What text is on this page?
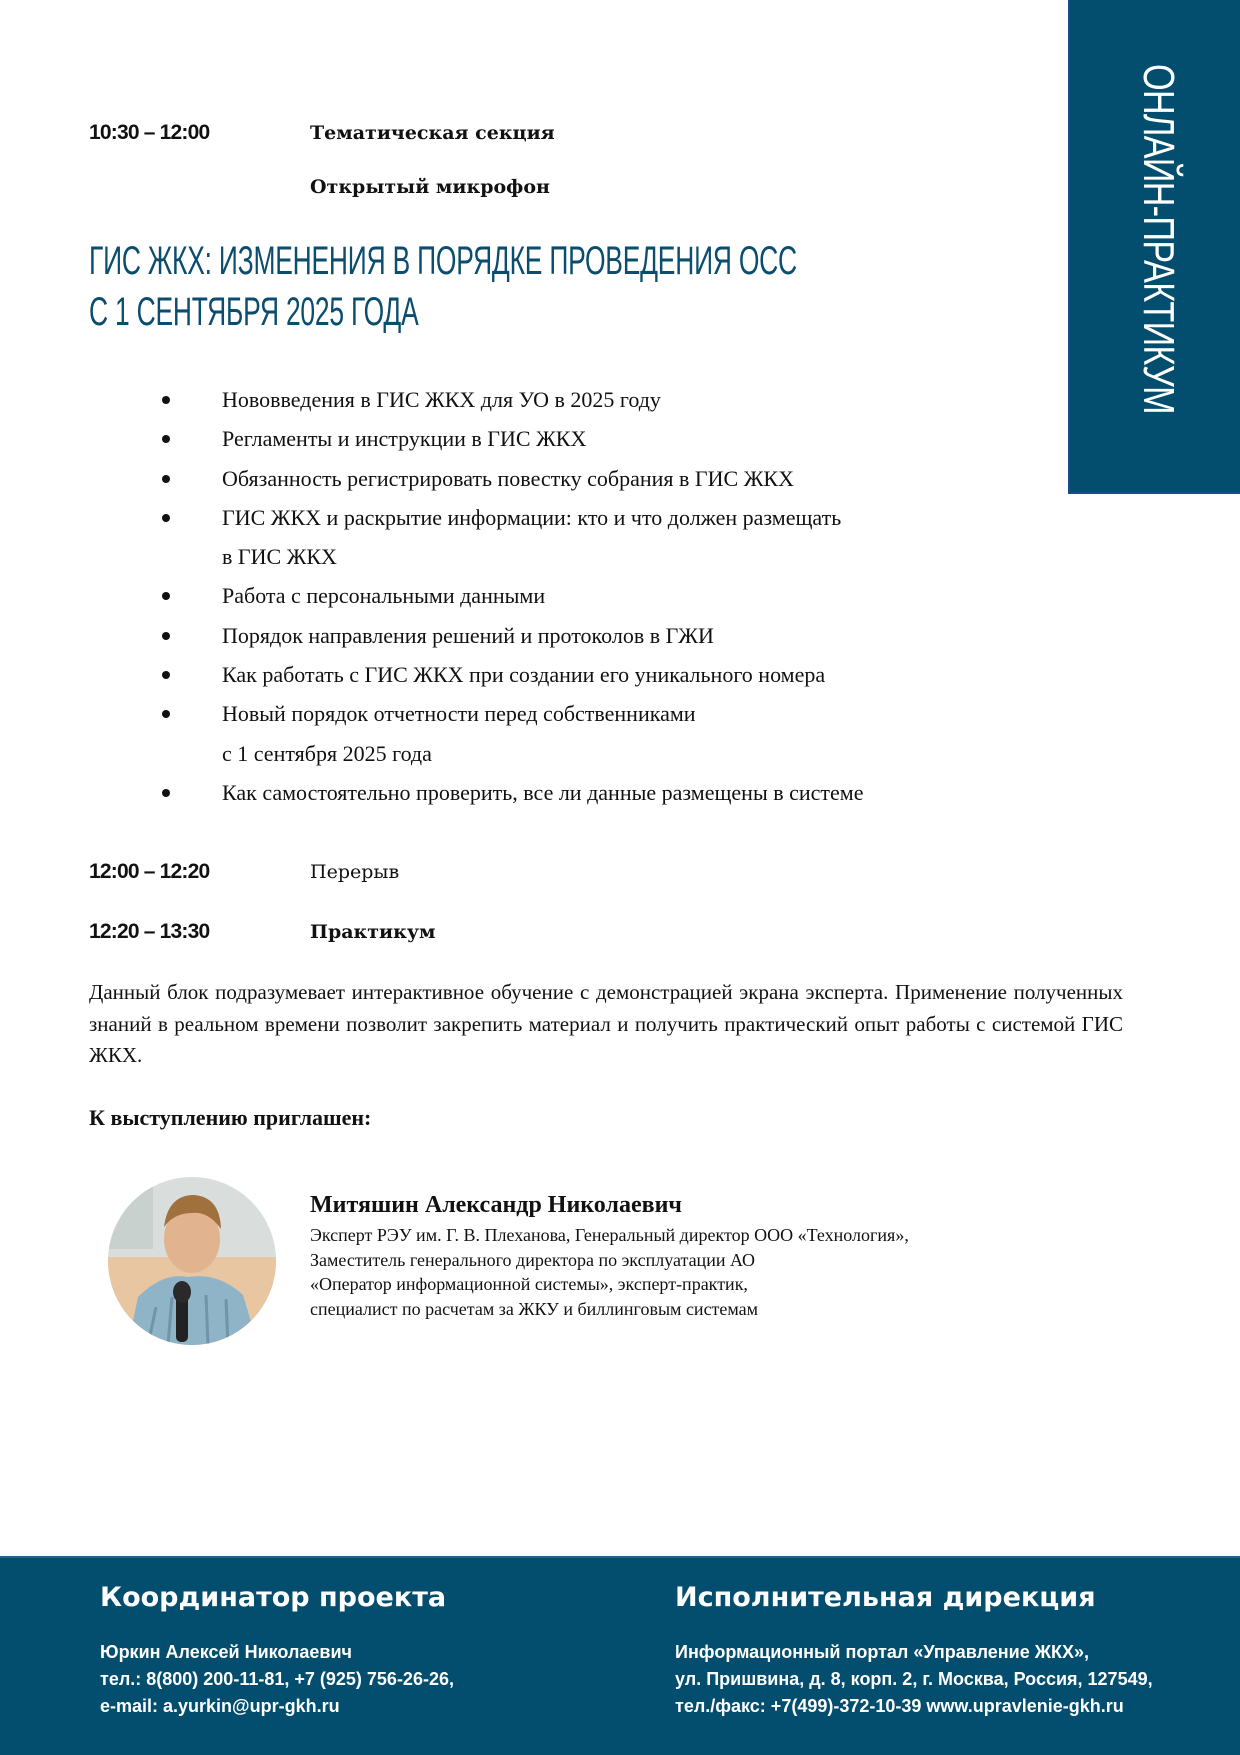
ОНЛАЙН-ПРАКТИКУМ
10:30 – 12:00	Тематическая секция
Открытый микрофон
ГИС ЖКХ: ИЗМЕНЕНИЯ В ПОРЯДКЕ ПРОВЕДЕНИЯ ОСС
С 1 СЕНТЯБРЯ 2025 ГОДА
Нововведения в ГИС ЖКХ для УО в 2025 году
Регламенты и инструкции в ГИС ЖКХ
Обязанность регистрировать повестку собрания в ГИС ЖКХ
ГИС ЖКХ и раскрытие информации: кто и что должен размещать
в ГИС ЖКХ
Работа с персональными данными
Порядок направления решений и протоколов в ГЖИ
Как работать с ГИС ЖКХ при создании его уникального номера
Новый порядок отчетности перед собственниками
с 1 сентября 2025 года
Как самостоятельно проверить, все ли данные размещены в системе
12:00 – 12:20	Перерыв
12:20 – 13:30	Практикум
Данный блок подразумевает интерактивное обучение с демонстрацией экрана эксперта. Применение полученных знаний в реальном времени позволит закрепить материал и получить практический опыт работы с системой ГИС ЖКХ.
К выступлению приглашен:
Митяшин Александр Николаевич
Эксперт РЭУ им. Г. В. Плеханова, Генеральный директор ООО «Технология»,
Заместитель генерального директора по эксплуатации АО
«Оператор информационной системы», эксперт-практик,
специалист по расчетам за ЖКУ и биллинговым системам
Координатор проекта
Юркин Алексей Николаевич
тел.: 8(800) 200-11-81, +7 (925) 756-26-26,
e-mail: a.yurkin@upr-gkh.ru
Исполнительная дирекция
Информационный портал «Управление ЖКХ»,
ул. Пришвина, д. 8, корп. 2, г. Москва, Россия, 127549,
тел./факс: +7(499)-372-10-39 www.upravlenie-gkh.ru
